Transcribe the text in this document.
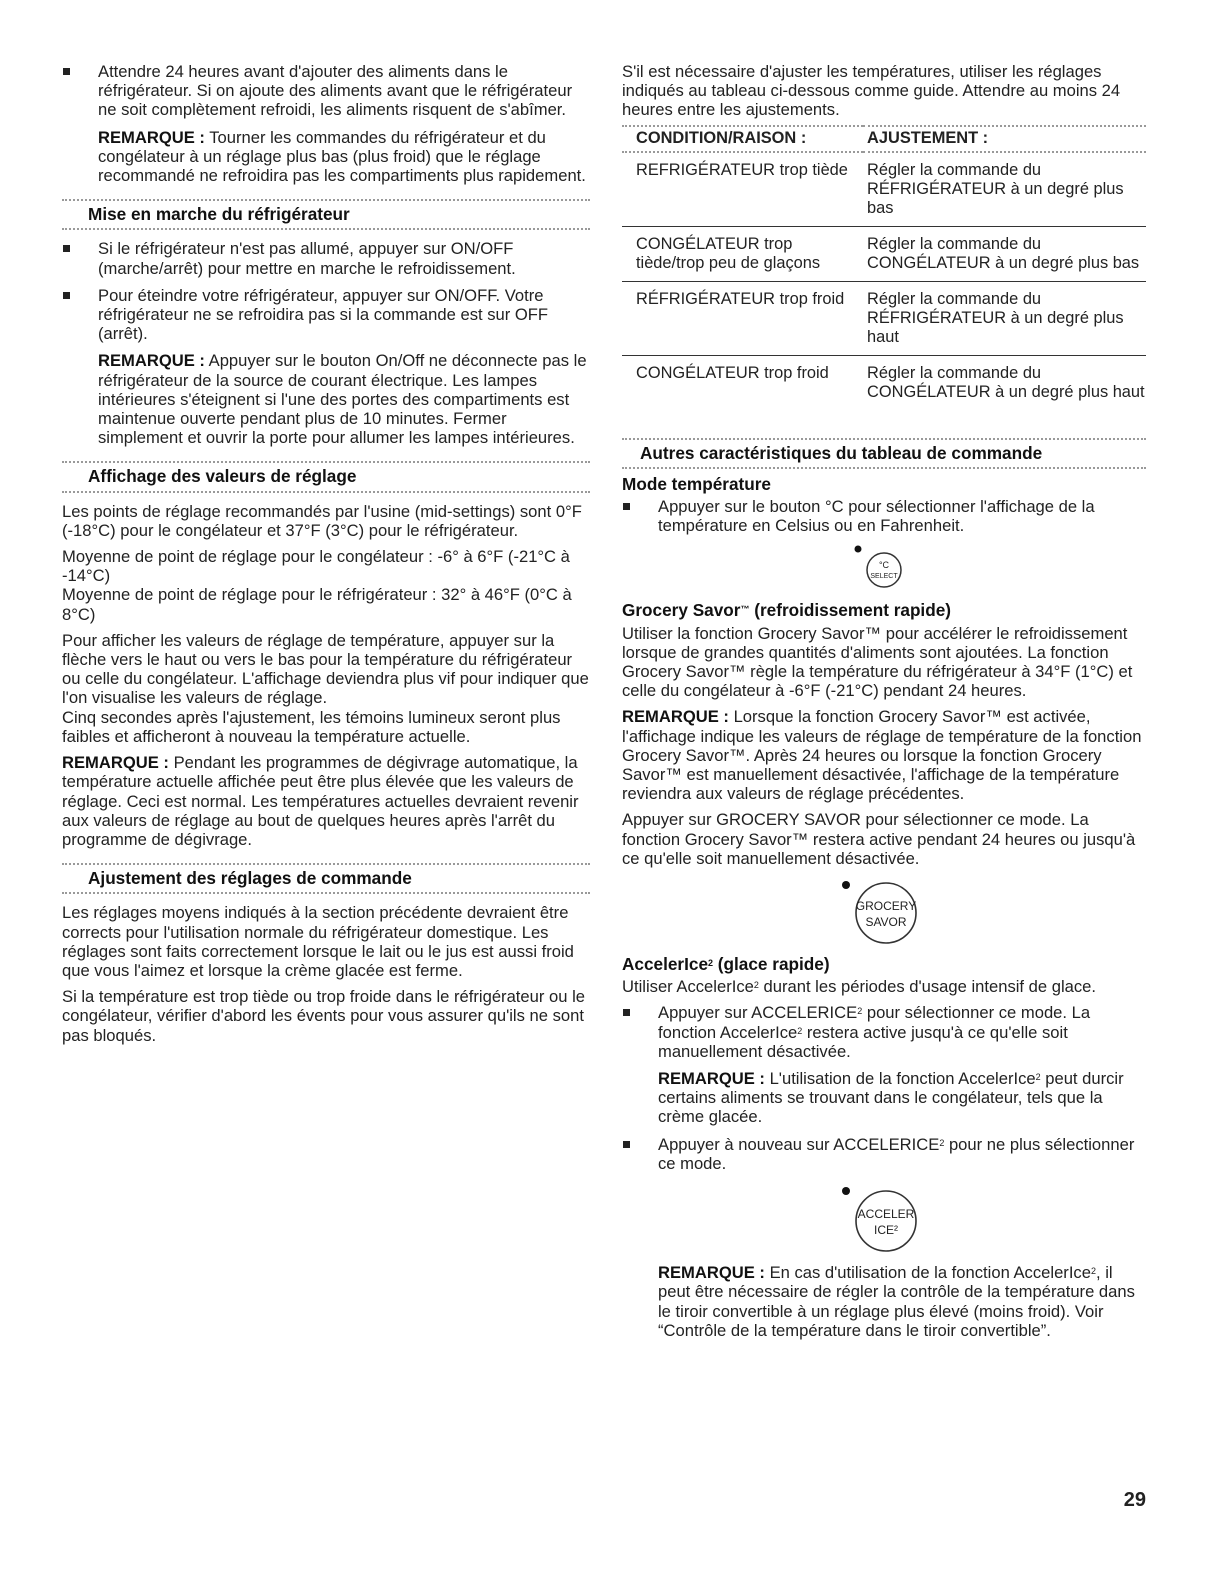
Attendre 24 heures avant d'ajouter des aliments dans le réfrigérateur. Si on ajoute des aliments avant que le réfrigérateur ne soit complètement refroidi, les aliments risquent de s'abîmer.
REMARQUE : Tourner les commandes du réfrigérateur et du congélateur à un réglage plus bas (plus froid) que le réglage recommandé ne refroidira pas les compartiments plus rapidement.
Mise en marche du réfrigérateur
Si le réfrigérateur n'est pas allumé, appuyer sur ON/OFF (marche/arrêt) pour mettre en marche le refroidissement.
Pour éteindre votre réfrigérateur, appuyer sur ON/OFF. Votre réfrigérateur ne se refroidira pas si la commande est sur OFF (arrêt).
REMARQUE : Appuyer sur le bouton On/Off ne déconnecte pas le réfrigérateur de la source de courant électrique. Les lampes intérieures s'éteignent si l'une des portes des compartiments est maintenue ouverte pendant plus de 10 minutes. Fermer simplement et ouvrir la porte pour allumer les lampes intérieures.
Affichage des valeurs de réglage

Les points de réglage recommandés par l'usine (mid-settings) sont 0°F (-18°C) pour le congélateur et 37°F (3°C) pour le réfrigérateur.

Moyenne de point de réglage pour le congélateur : -6° à 6°F (-21°C à -14°C)
Moyenne de point de réglage pour le réfrigérateur : 32° à 46°F (0°C à 8°C)

Pour afficher les valeurs de réglage de température, appuyer sur la flèche vers le haut ou vers le bas pour la température du réfrigérateur ou celle du congélateur. L'affichage deviendra plus vif pour indiquer que l'on visualise les valeurs de réglage.
Cinq secondes après l'ajustement, les témoins lumineux seront plus faibles et afficheront à nouveau la température actuelle.

REMARQUE : Pendant les programmes de dégivrage automatique, la température actuelle affichée peut être plus élevée que les valeurs de réglage. Ceci est normal. Les températures actuelles devraient revenir aux valeurs de réglage au bout de quelques heures après l'arrêt du programme de dégivrage.

Ajustement des réglages de commande

Les réglages moyens indiqués à la section précédente devraient être corrects pour l'utilisation normale du réfrigérateur domestique. Les réglages sont faits correctement lorsque le lait ou le jus est aussi froid que vous l'aimez et lorsque la crème glacée est ferme.

Si la température est trop tiède ou trop froide dans le réfrigérateur ou le congélateur, vérifier d'abord les évents pour vous assurer qu'ils ne sont pas bloqués.

S'il est nécessaire d'ajuster les températures, utiliser les réglages indiqués au tableau ci-dessous comme guide. Attendre au moins 24 heures entre les ajustements.

CONDITION/RAISON :	AJUSTEMENT :
REFRIGÉRATEUR trop tiède	Régler la commande du RÉFRIGÉRATEUR à un degré plus bas
CONGÉLATEUR trop tiède/trop peu de glaçons	Régler la commande du CONGÉLATEUR à un degré plus bas
RÉFRIGÉRATEUR trop froid	Régler la commande du RÉFRIGÉRATEUR à un degré plus haut
CONGÉLATEUR trop froid	Régler la commande du CONGÉLATEUR à un degré plus haut
Autres caractéristiques du tableau de commande
Mode température
Appuyer sur le bouton °C pour sélectionner l'affichage de la température en Celsius ou en Fahrenheit.
°C
SELECT
Grocery Savor™ (refroidissement rapide)

Utiliser la fonction Grocery Savor™ pour accélérer le refroidissement lorsque de grandes quantités d'aliments sont ajoutées. La fonction Grocery Savor™ règle la température du réfrigérateur à 34°F (1°C) et celle du congélateur à -6°F (-21°C) pendant 24 heures.

REMARQUE : Lorsque la fonction Grocery Savor™ est activée, l'affichage indique les valeurs de réglage de température de la fonction Grocery Savor™. Après 24 heures ou lorsque la fonction Grocery Savor™ est manuellement désactivée, l'affichage de la température reviendra aux valeurs de réglage précédentes.

Appuyer sur GROCERY SAVOR pour sélectionner ce mode. La fonction Grocery Savor™ restera active pendant 24 heures ou jusqu'à ce qu'elle soit manuellement désactivée.

GROCERY
SAVOR
AccelerIce$^2$ (glace rapide)

Utiliser AccelerIce$^2$ durant les périodes d'usage intensif de glace.

Appuyer sur ACCELERICE$^2$ pour sélectionner ce mode. La fonction AccelerIce$^2$ restera active jusqu'à ce qu'elle soit manuellement désactivée.
REMARQUE : L'utilisation de la fonction AccelerIce$^2$ peut durcir certains aliments se trouvant dans le congélateur, tels que la crème glacée.
Appuyer à nouveau sur ACCELERICE$^2$ pour ne plus sélectionner ce mode.
ACCELER
ICE²
REMARQUE : En cas d'utilisation de la fonction AccelerIce$^2$, il peut être nécessaire de régler la contrôle de la température dans le tiroir convertible à un réglage plus élevé (moins froid). Voir “Contrôle de la température dans le tiroir convertible”.
29
